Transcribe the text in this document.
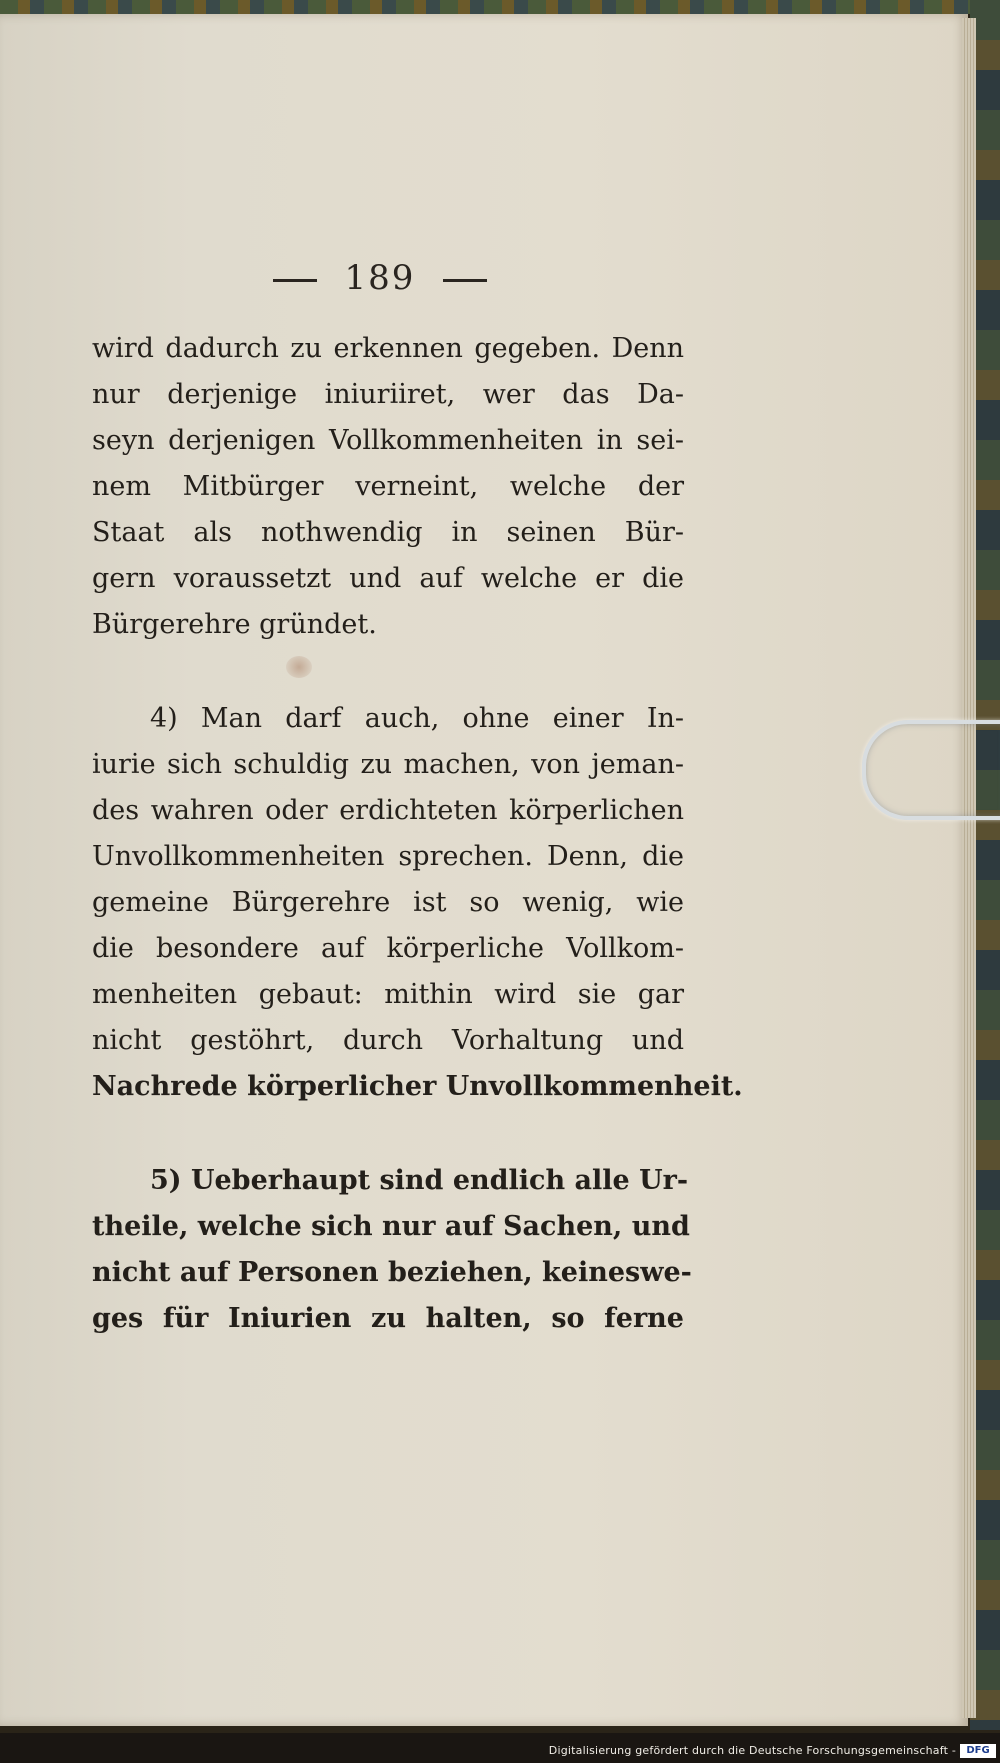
189
wird dadurch zu erkennen gegeben. Denn
nur derjenige iniuriiret, wer das Da-
seyn derjenigen Vollkommenheiten in sei-
nem Mitbürger verneint, welche der
Staat als nothwendig in seinen Bür-
gern voraussetzt und auf welche er die
Bürgerehre gründet.
4) Man darf auch, ohne einer In-
iurie sich schuldig zu machen, von jeman-
des wahren oder erdichteten körperlichen
Unvollkommenheiten sprechen. Denn, die
gemeine Bürgerehre ist so wenig, wie
die besondere auf körperliche Vollkom-
menheiten gebaut: mithin wird sie gar
nicht gestöhrt, durch Vorhaltung und
Nachrede körperlicher Unvollkommenheit.
5) Ueberhaupt sind endlich alle Ur-
theile, welche sich nur auf Sachen, und
nicht auf Personen beziehen, keineswe-
ges für Iniurien zu halten, so ferne
Digitalisierung gefördert durch die Deutsche Forschungsgemeinschaft -	DFG
